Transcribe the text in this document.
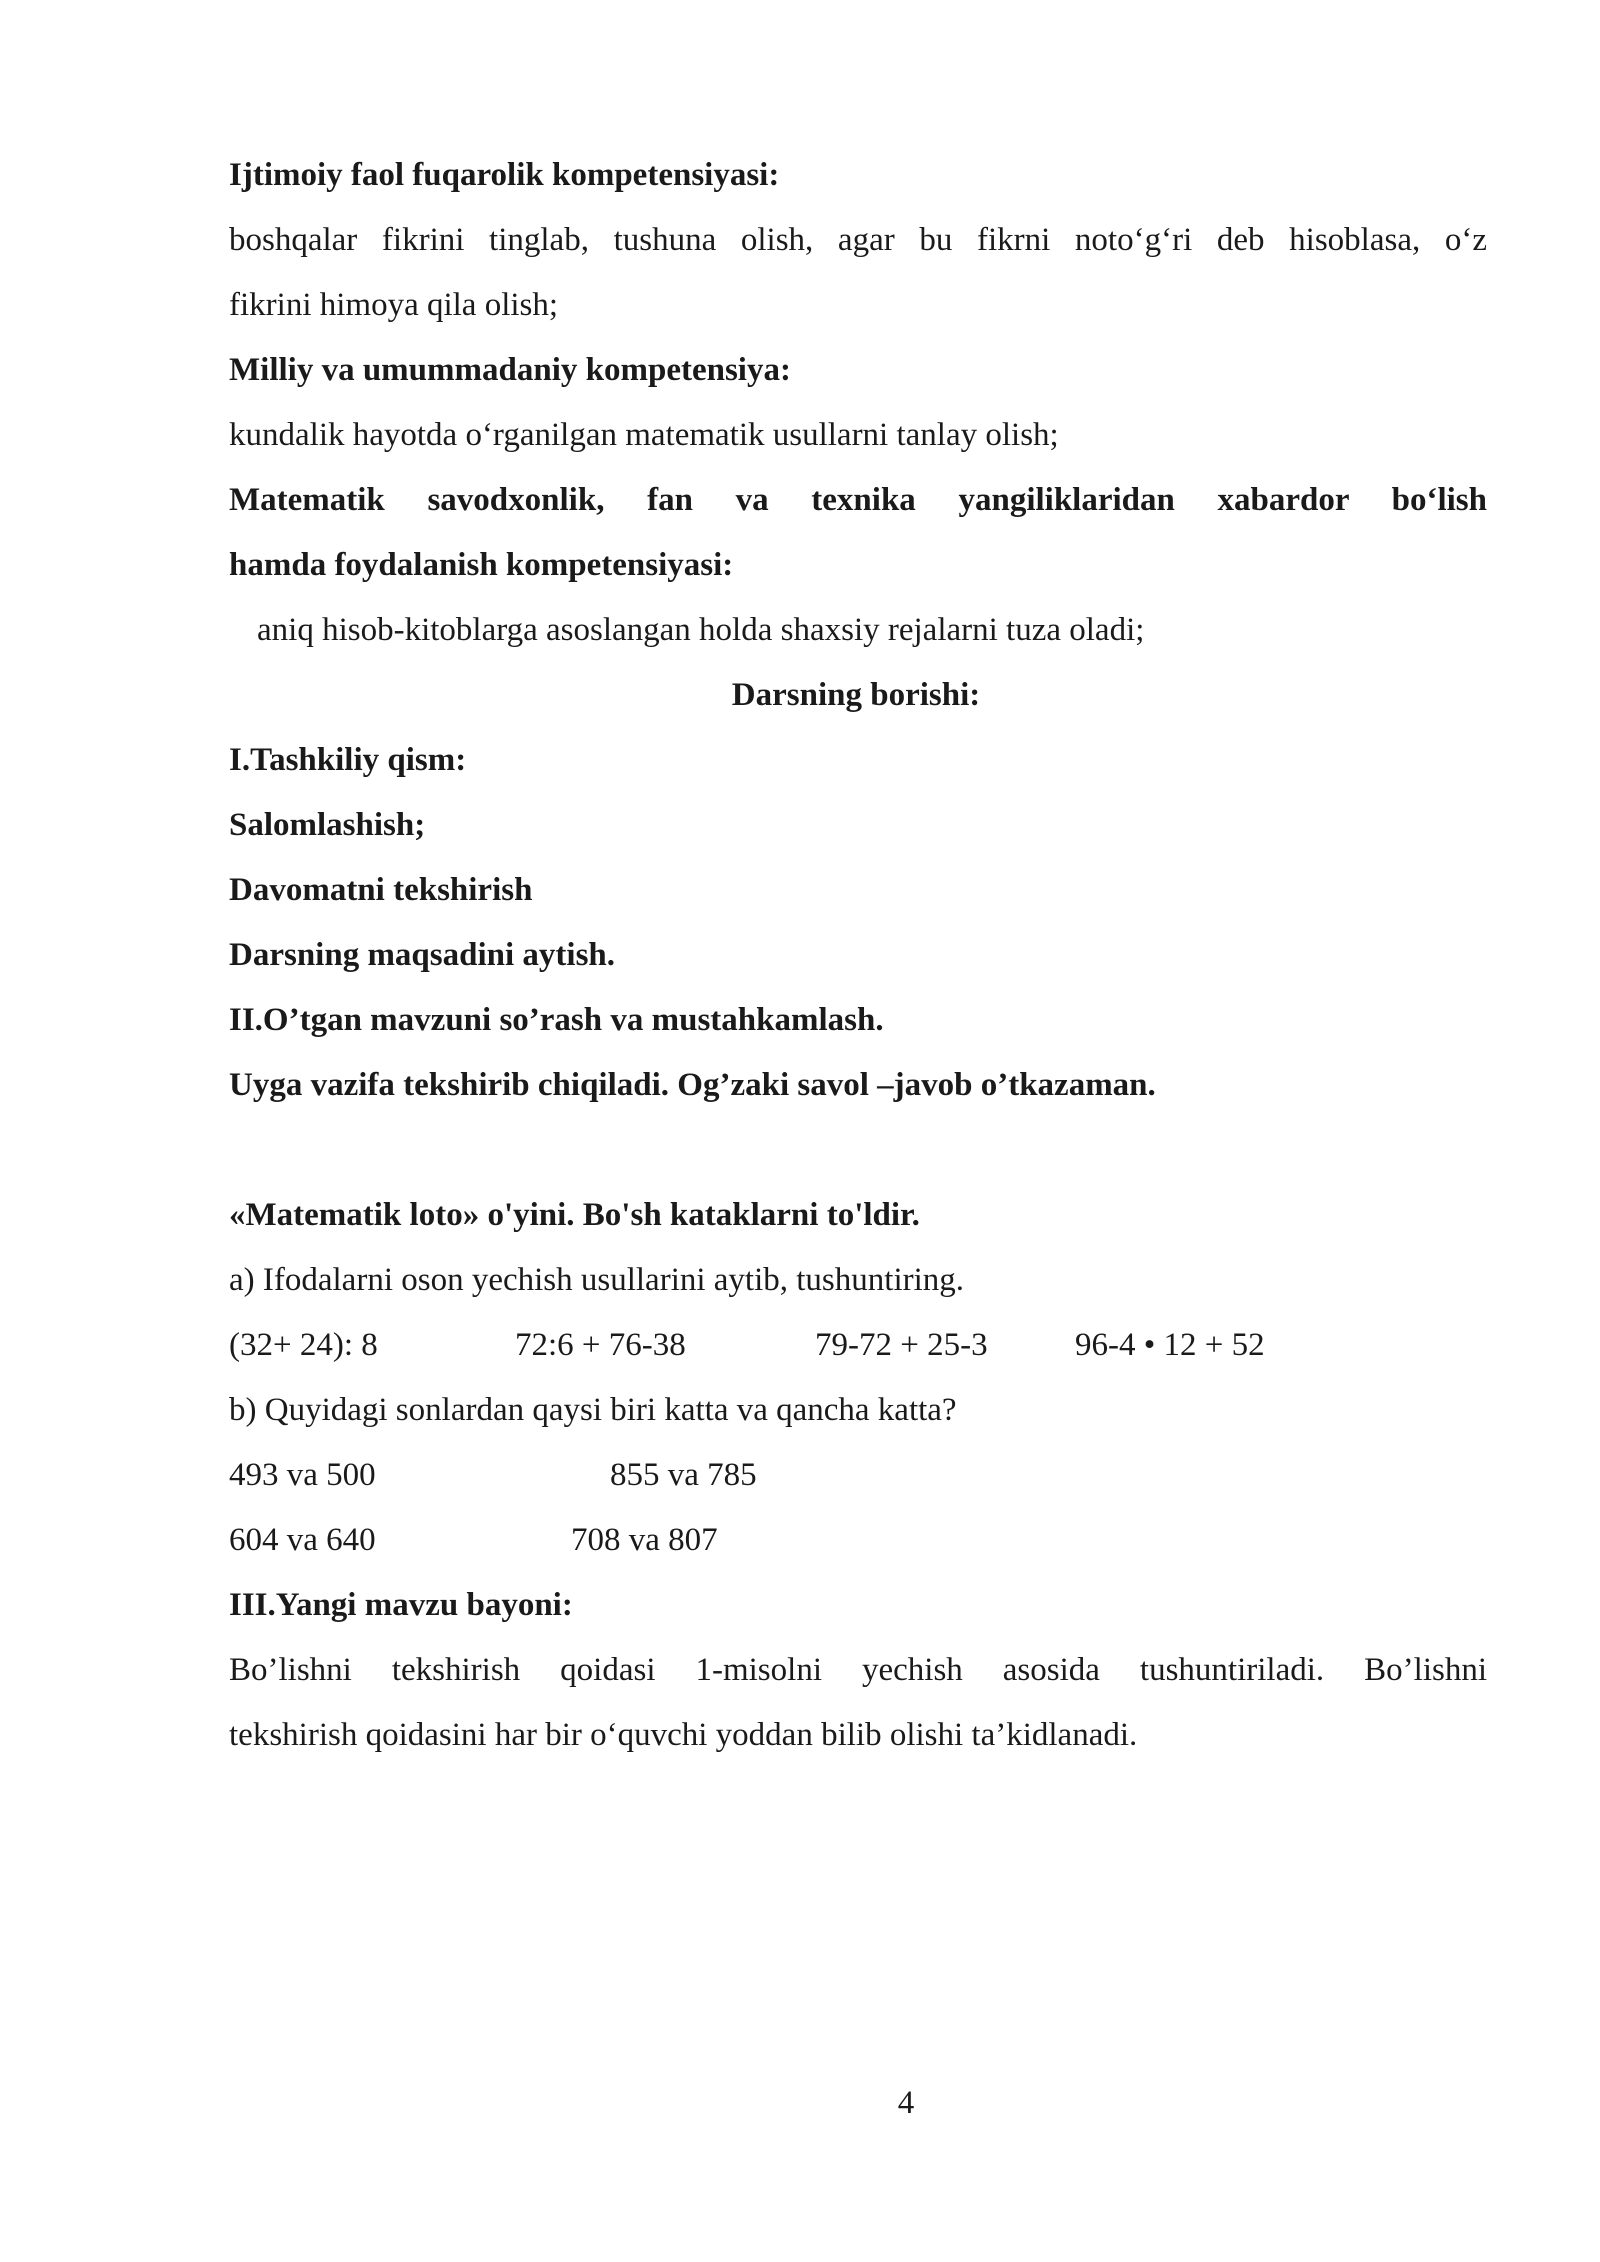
Ijtimoiy faol fuqarolik kompetensiyasi:
boshqalar fikrini tinglab, tushuna olish, agar bu fikrni noto‘g‘ri deb hisoblasa, o‘z
fikrini himoya qila olish;
Milliy va umummadaniy kompetensiya:
kundalik hayotda o‘rganilgan matematik usullarni tanlay olish;
Matematik savodxonlik, fan va texnika yangiliklaridan xabardor bo‘lish
hamda foydalanish kompetensiyasi:
aniq hisob-kitoblarga asoslangan holda shaxsiy rejalarni tuza oladi;
Darsning borishi:
I.Tashkiliy qism:
Salomlashish;
Davomatni tekshirish
Darsning maqsadini aytish.
II.O’tgan mavzuni so’rash va mustahkamlash.
Uyga vazifa tekshirib chiqiladi. Og’zaki savol –javob o’tkazaman.
«Matematik loto» o'yini. Bo'sh kataklarni to'ldir.
a) Ifodalarni oson yechish usullarini aytib, tushuntiring.
(32+ 24): 8	72:6 + 76-38	79-72 + 25-3	96-4 • 12 + 52
b) Quyidagi sonlardan qaysi biri katta va qancha katta?
493 va 500	855 va 785
604 va 640	708 va 807
III.Yangi mavzu bayoni:
Bo’lishni tekshirish qoidasi 1-misolni yechish asosida tushuntiriladi. Bo’lishni
tekshirish qoidasini har bir o‘quvchi yoddan bilib olishi ta’kidlanadi.
4
